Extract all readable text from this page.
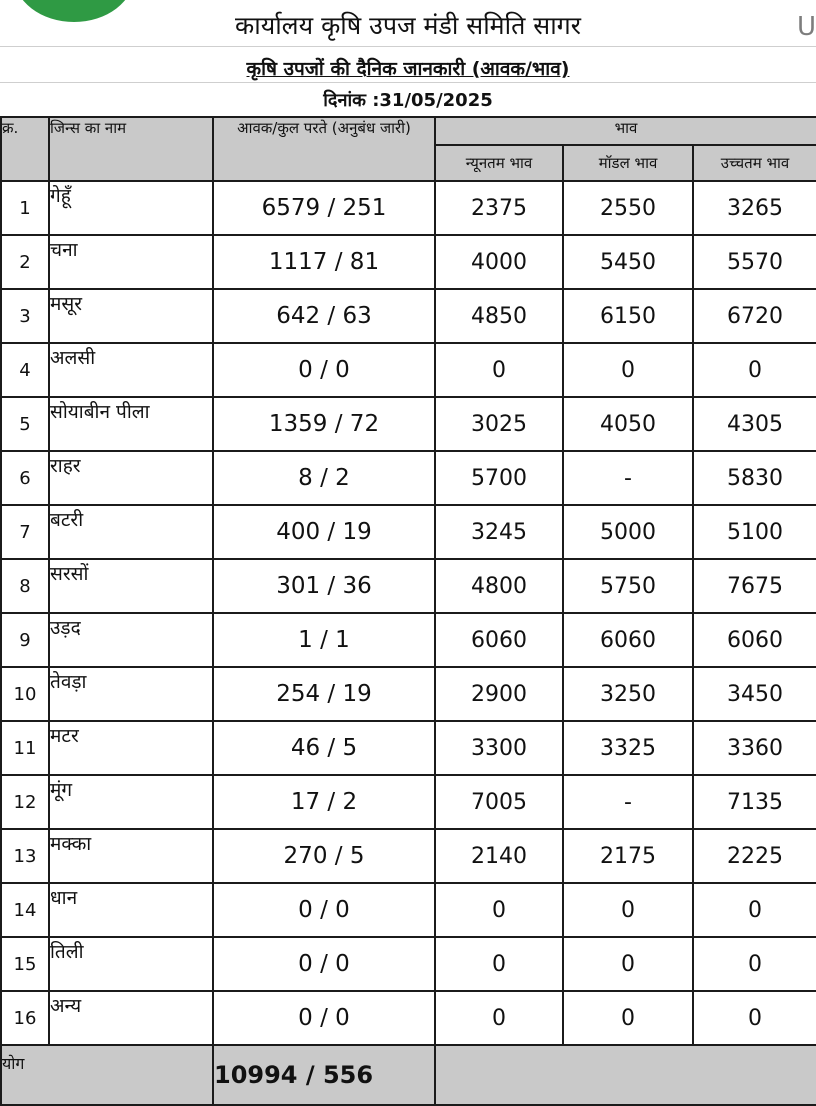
U
कार्यालय कृषि उपज मंडी समिति सागर
कृषि उपजों की दैनिक जानकारी (आवक/भाव)
दिनांक :31/05/2025
क्र.	जिन्स का नाम	आवक/कुल परते (अनुबंध जारी)	भाव		
			न्यूनतम भाव	मॉडल भाव	उच्चतम भाव
1	गेहूँ	6579 / 251	2375	2550	3265
2	चना	1117 / 81	4000	5450	5570
3	मसूर	642 / 63	4850	6150	6720
4	अलसी	0 / 0	0	0	0
5	सोयाबीन पीला	1359 / 72	3025	4050	4305
6	राहर	8 / 2	5700	-	5830
7	बटरी	400 / 19	3245	5000	5100
8	सरसों	301 / 36	4800	5750	7675
9	उड़द	1 / 1	6060	6060	6060
10	तेवड़ा	254 / 19	2900	3250	3450
11	मटर	46 / 5	3300	3325	3360
12	मूंग	17 / 2	7005	-	7135
13	मक्का	270 / 5	2140	2175	2225
14	धान	0 / 0	0	0	0
15	तिली	0 / 0	0	0	0
16	अन्य	0 / 0	0	0	0
योग		10994 / 556			
